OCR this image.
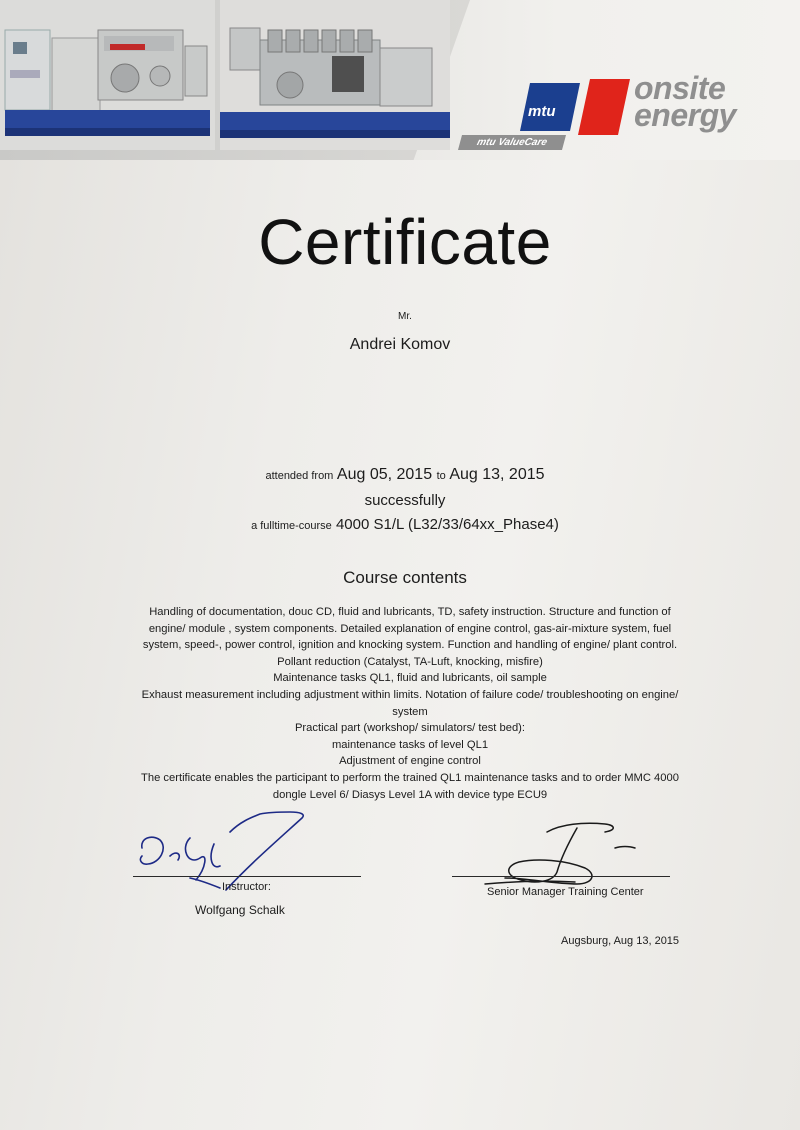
mtu
onsite
energy
mtu ValueCare
Certificate
Mr.
Andrei Komov
attended from Aug 05, 2015 to Aug 13, 2015
successfully
a fulltime-course 4000 S1/L (L32/33/64xx_Phase4)
Course contents
Handling of documentation, douc CD, fluid and lubricants, TD, safety instruction. Structure and function of engine/ module , system components. Detailed explanation of engine control, gas-air-mixture system, fuel system, speed-, power control, ignition and knocking system. Function and handling of engine/ plant control. Pollant reduction (Catalyst, TA-Luft, knocking, misfire)
Maintenance tasks QL1, fluid and lubricants, oil sample
Exhaust measurement including adjustment within limits. Notation of failure code/ troubleshooting on engine/ system
Practical part (workshop/ simulators/ test bed):
maintenance tasks of level QL1
Adjustment of engine control
The certificate enables the participant to perform the trained QL1 maintenance tasks and to order MMC 4000 dongle Level 6/ Diasys Level 1A with device type ECU9
Instructor:
Wolfgang Schalk
Senior Manager Training Center
Augsburg, Aug 13, 2015
